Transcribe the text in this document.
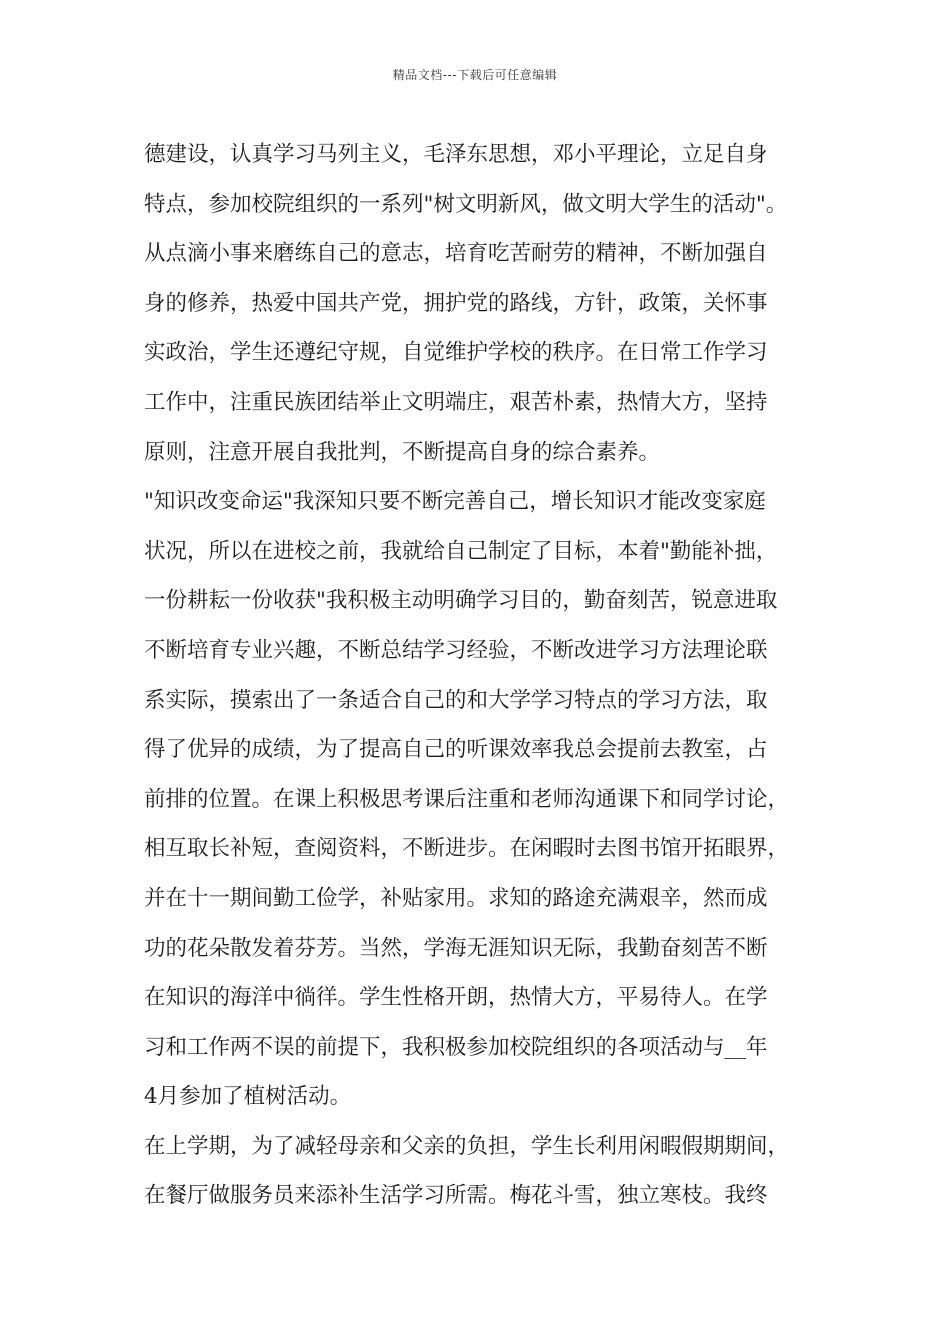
精品文档---下载后可任意编辑
德建设，认真学习马列主义，毛泽东思想，邓小平理论，立足自身
特点，参加校院组织的一系列"树文明新风，做文明大学生的活动"。
从点滴小事来磨练自己的意志，培育吃苦耐劳的精神，不断加强自
身的修养，热爱中国共产党，拥护党的路线，方针，政策，关怀事
实政治，学生还遵纪守规，自觉维护学校的秩序。在日常工作学习
工作中，注重民族团结举止文明端庄，艰苦朴素，热情大方，坚持
原则，注意开展自我批判，不断提高自身的综合素养。
"知识改变命运"我深知只要不断完善自己，增长知识才能改变家庭
状况，所以在进校之前，我就给自己制定了目标，本着"勤能补拙，
一份耕耘一份收获"我积极主动明确学习目的，勤奋刻苦，锐意进取
不断培育专业兴趣，不断总结学习经验，不断改进学习方法理论联
系实际，摸索出了一条适合自己的和大学学习特点的学习方法，取
得了优异的成绩，为了提高自己的听课效率我总会提前去教室，占
前排的位置。在课上积极思考课后注重和老师沟通课下和同学讨论，
相互取长补短，查阅资料，不断进步。在闲暇时去图书馆开拓眼界，
并在十一期间勤工俭学，补贴家用。求知的路途充满艰辛，然而成
功的花朵散发着芬芳。当然，学海无涯知识无际，我勤奋刻苦不断
在知识的海洋中徜徉。学生性格开朗，热情大方，平易待人。在学
习和工作两不误的前提下，我积极参加校院组织的各项活动与__年
4月参加了植树活动。
在上学期，为了减轻母亲和父亲的负担，学生长利用闲暇假期期间，
在餐厅做服务员来添补生活学习所需。梅花斗雪，独立寒枝。我终
